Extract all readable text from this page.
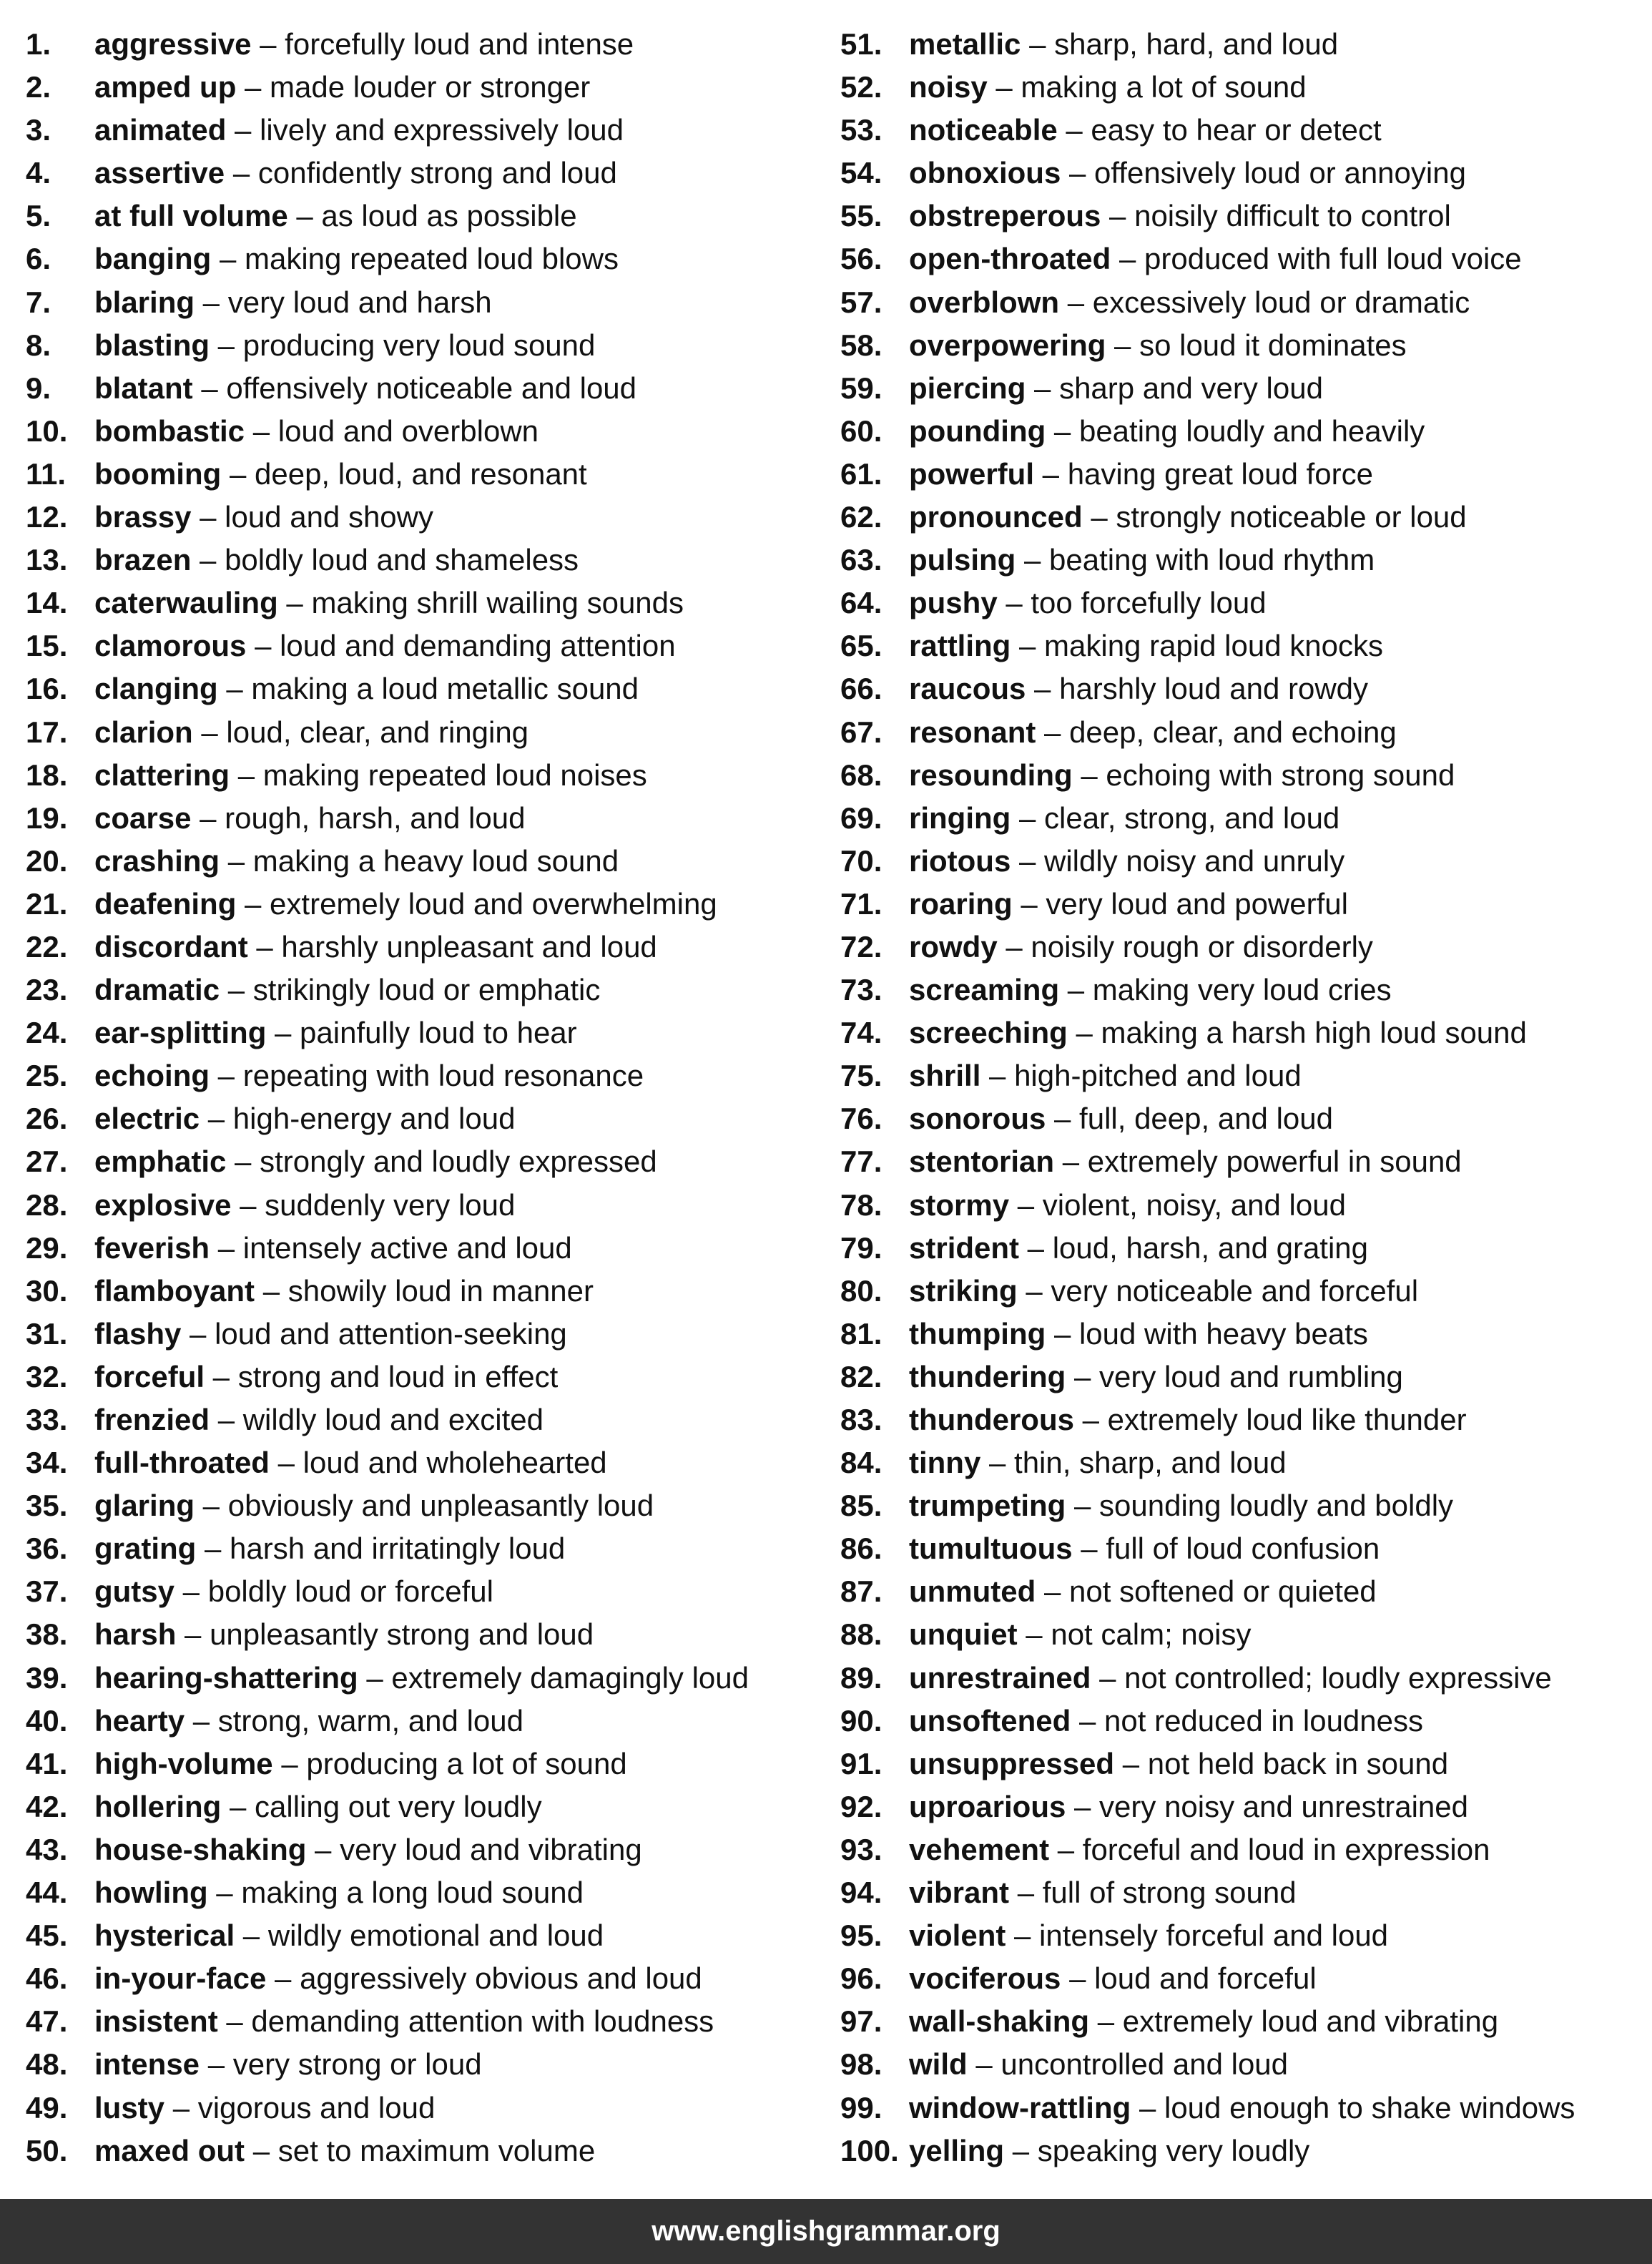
1. aggressive – forcefully loud and intense
2. amped up – made louder or stronger
3. animated – lively and expressively loud
4. assertive – confidently strong and loud
5. at full volume – as loud as possible
6. banging – making repeated loud blows
7. blaring – very loud and harsh
8. blasting – producing very loud sound
9. blatant – offensively noticeable and loud
10. bombastic – loud and overblown
11. booming – deep, loud, and resonant
12. brassy – loud and showy
13. brazen – boldly loud and shameless
14. caterwauling – making shrill wailing sounds
15. clamorous – loud and demanding attention
16. clanging – making a loud metallic sound
17. clarion – loud, clear, and ringing
18. clattering – making repeated loud noises
19. coarse – rough, harsh, and loud
20. crashing – making a heavy loud sound
21. deafening – extremely loud and overwhelming
22. discordant – harshly unpleasant and loud
23. dramatic – strikingly loud or emphatic
24. ear-splitting – painfully loud to hear
25. echoing – repeating with loud resonance
26. electric – high-energy and loud
27. emphatic – strongly and loudly expressed
28. explosive – suddenly very loud
29. feverish – intensely active and loud
30. flamboyant – showily loud in manner
31. flashy – loud and attention-seeking
32. forceful – strong and loud in effect
33. frenzied – wildly loud and excited
34. full-throated – loud and wholehearted
35. glaring – obviously and unpleasantly loud
36. grating – harsh and irritatingly loud
37. gutsy – boldly loud or forceful
38. harsh – unpleasantly strong and loud
39. hearing-shattering – extremely damagingly loud
40. hearty – strong, warm, and loud
41. high-volume – producing a lot of sound
42. hollering – calling out very loudly
43. house-shaking – very loud and vibrating
44. howling – making a long loud sound
45. hysterical – wildly emotional and loud
46. in-your-face – aggressively obvious and loud
47. insistent – demanding attention with loudness
48. intense – very strong or loud
49. lusty – vigorous and loud
50. maxed out – set to maximum volume
51. metallic – sharp, hard, and loud
52. noisy – making a lot of sound
53. noticeable – easy to hear or detect
54. obnoxious – offensively loud or annoying
55. obstreperous – noisily difficult to control
56. open-throated – produced with full loud voice
57. overblown – excessively loud or dramatic
58. overpowering – so loud it dominates
59. piercing – sharp and very loud
60. pounding – beating loudly and heavily
61. powerful – having great loud force
62. pronounced – strongly noticeable or loud
63. pulsing – beating with loud rhythm
64. pushy – too forcefully loud
65. rattling – making rapid loud knocks
66. raucous – harshly loud and rowdy
67. resonant – deep, clear, and echoing
68. resounding – echoing with strong sound
69. ringing – clear, strong, and loud
70. riotous – wildly noisy and unruly
71. roaring – very loud and powerful
72. rowdy – noisily rough or disorderly
73. screaming – making very loud cries
74. screeching – making a harsh high loud sound
75. shrill – high-pitched and loud
76. sonorous – full, deep, and loud
77. stentorian – extremely powerful in sound
78. stormy – violent, noisy, and loud
79. strident – loud, harsh, and grating
80. striking – very noticeable and forceful
81. thumping – loud with heavy beats
82. thundering – very loud and rumbling
83. thunderous – extremely loud like thunder
84. tinny – thin, sharp, and loud
85. trumpeting – sounding loudly and boldly
86. tumultuous – full of loud confusion
87. unmuted – not softened or quieted
88. unquiet – not calm; noisy
89. unrestrained – not controlled; loudly expressive
90. unsoftened – not reduced in loudness
91. unsuppressed – not held back in sound
92. uproarious – very noisy and unrestrained
93. vehement – forceful and loud in expression
94. vibrant – full of strong sound
95. violent – intensely forceful and loud
96. vociferous – loud and forceful
97. wall-shaking – extremely loud and vibrating
98. wild – uncontrolled and loud
99. window-rattling – loud enough to shake windows
100. yelling – speaking very loudly
www.englishgrammar.org
